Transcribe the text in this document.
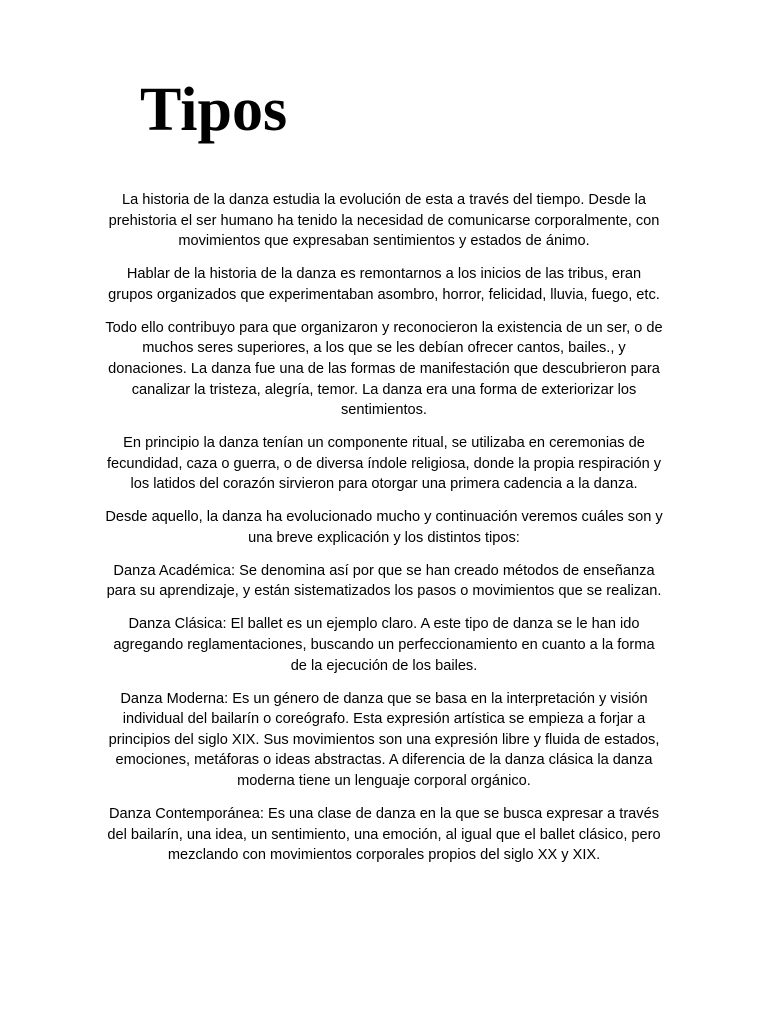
Tipos

La historia de la danza estudia la evolución de esta a través del tiempo. Desde la prehistoria el ser humano ha tenido la necesidad de comunicarse corporalmente, con movimientos que expresaban sentimientos y estados de ánimo.

Hablar de la historia de la danza es remontarnos a los inicios de las tribus, eran grupos organizados que experimentaban asombro, horror, felicidad, lluvia, fuego, etc.

Todo ello contribuyo para que organizaron y reconocieron la existencia de un ser, o de muchos seres superiores, a los que se les debían ofrecer cantos, bailes., y donaciones. La danza fue una de las formas de manifestación que descubrieron para canalizar la tristeza, alegría, temor. La danza era una forma de exteriorizar los sentimientos.

En principio la danza tenían un componente ritual, se utilizaba en ceremonias de fecundidad, caza o guerra, o de diversa índole religiosa, donde la propia respiración y los latidos del corazón sirvieron para otorgar una primera cadencia a la danza.

Desde aquello, la danza ha evolucionado mucho y continuación veremos cuáles son y una breve explicación y los distintos tipos:

Danza Académica: Se denomina así por que se han creado métodos de enseñanza para su aprendizaje, y están sistematizados los pasos o movimientos que se realizan.

Danza Clásica: El ballet es un ejemplo claro. A este tipo de danza se le han ido agregando reglamentaciones, buscando un perfeccionamiento en cuanto a la forma de la ejecución de los bailes.

Danza Moderna: Es un género de danza que se basa en la interpretación y visión individual del bailarín o coreógrafo. Esta expresión artística se empieza a forjar a principios del siglo XIX. Sus movimientos son una expresión libre y fluida de estados, emociones, metáforas o ideas abstractas. A diferencia de la danza clásica la danza moderna tiene un lenguaje corporal orgánico.

Danza Contemporánea: Es una clase de danza en la que se busca expresar a través del bailarín, una idea, un sentimiento, una emoción, al igual que el ballet clásico, pero mezclando con movimientos corporales propios del siglo XX y XIX.
